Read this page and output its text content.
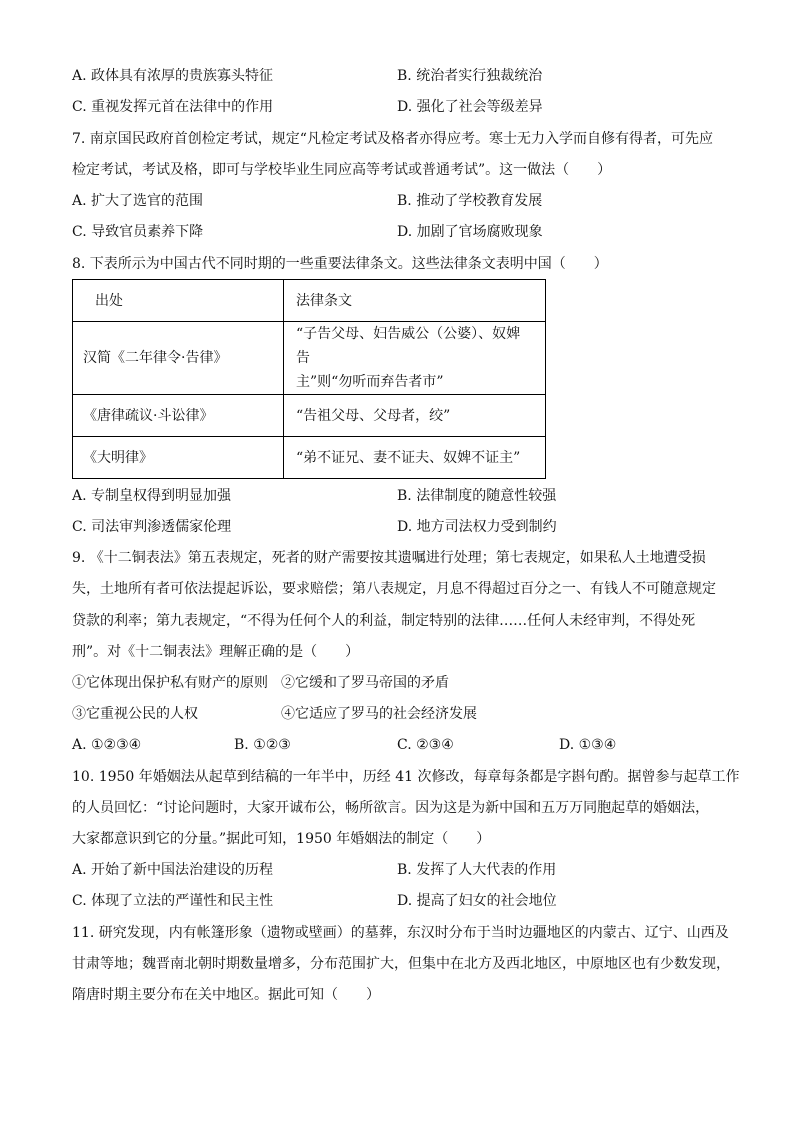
A. 政体具有浓厚的贵族寡头特征	B. 统治者实行独裁统治
C. 重视发挥元首在法律中的作用	D. 强化了社会等级差异
7. 南京国民政府首创检定考试，规定“凡检定考试及格者亦得应考。寒士无力入学而自修有得者，可先应
检定考试，考试及格，即可与学校毕业生同应高等考试或普通考试”。这一做法（　　）
A. 扩大了选官的范围	B. 推动了学校教育发展
C. 导致官员素养下降	D. 加剧了官场腐败现象
8. 下表所示为中国古代不同时期的一些重要法律条文。这些法律条文表明中国（　　）
出处	法律条文
汉简《二年律令·告律》	“子告父母、妇告威公（公婆）、奴婢告
主”则“勿听而弃告者市”

《唐律疏议·斗讼律》	“告祖父母、父母者，绞”
《大明律》	“弟不证兄、妻不证夫、奴婢不证主”
A. 专制皇权得到明显加强	B. 法律制度的随意性较强
C. 司法审判渗透儒家伦理	D. 地方司法权力受到制约
9. 《十二铜表法》第五表规定，死者的财产需要按其遗嘱进行处理；第七表规定，如果私人土地遭受损
失，土地所有者可依法提起诉讼，要求赔偿；第八表规定，月息不得超过百分之一、有钱人不可随意规定
贷款的利率；第九表规定，“不得为任何个人的利益，制定特别的法律……任何人未经审判，不得处死
刑”。对《十二铜表法》理解正确的是（　　）
①它体现出保护私有财产的原则 ②它缓和了罗马帝国的矛盾
③它重视公民的人权	④它适应了罗马的社会经济发展
A. ①②③④	B. ①②③	C. ②③④	D. ①③④
10. 1950 年婚姻法从起草到结稿的一年半中，历经 41 次修改，每章每条都是字斟句酌。据曾参与起草工作
的人员回忆：“讨论问题时，大家开诚布公，畅所欲言。因为这是为新中国和五万万同胞起草的婚姻法，
大家都意识到它的分量。”据此可知，1950 年婚姻法的制定（　　）
A. 开始了新中国法治建设的历程	B. 发挥了人大代表的作用
C. 体现了立法的严谨性和民主性	D. 提高了妇女的社会地位
11. 研究发现，内有帐篷形象（遗物或壁画）的墓葬，东汉时分布于当时边疆地区的内蒙古、辽宁、山西及
甘肃等地；魏晋南北朝时期数量增多，分布范围扩大，但集中在北方及西北地区，中原地区也有少数发现，
隋唐时期主要分布在关中地区。据此可知（　　）
